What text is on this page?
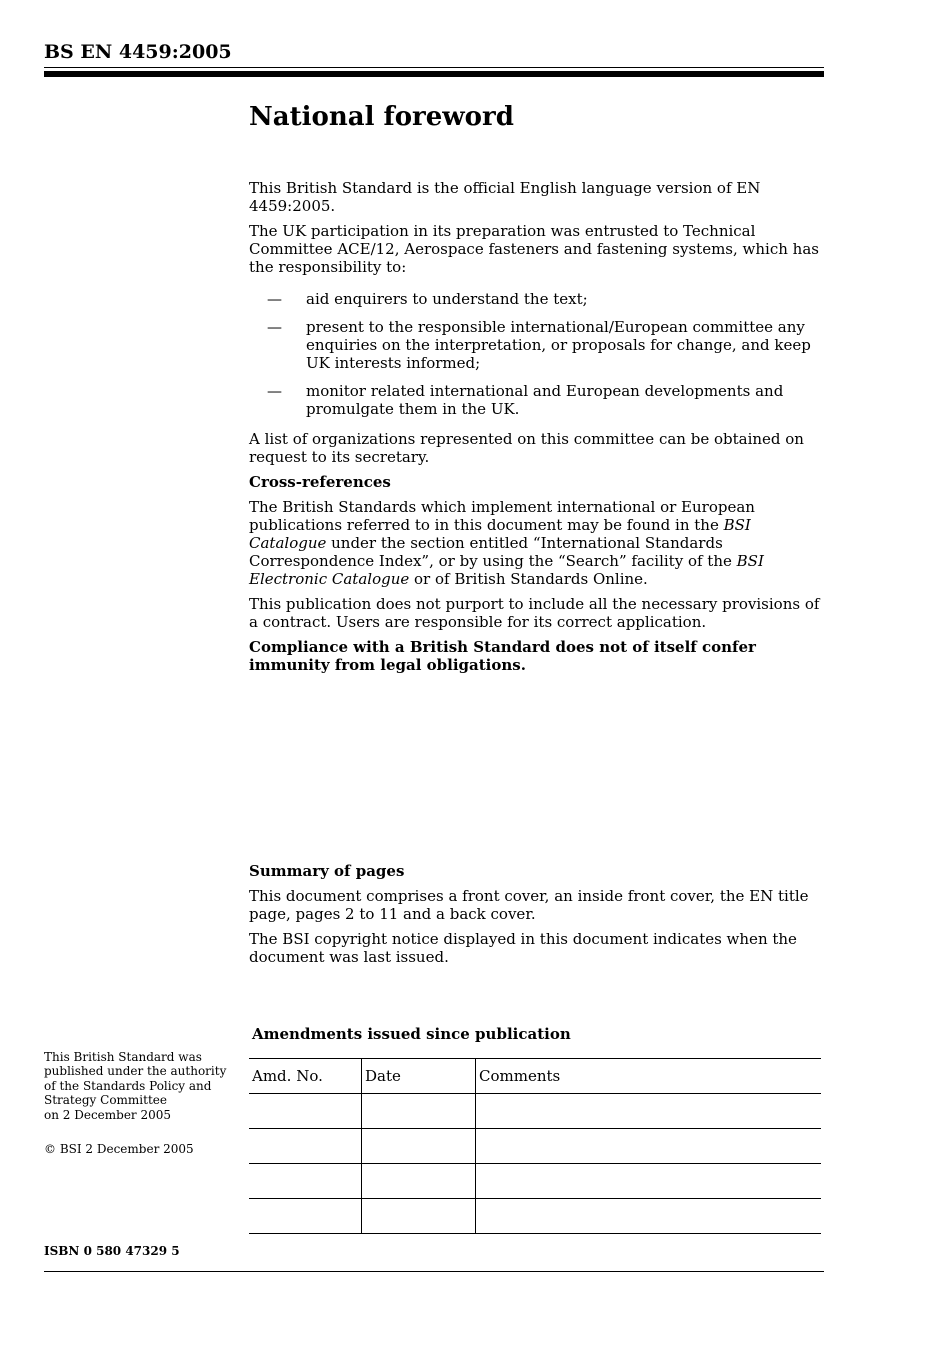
BS EN 4459:2005
National foreword

This British Standard is the official English language version of EN 4459:2005.

The UK participation in its preparation was entrusted to Technical Committee ACE/12, Aerospace fasteners and fastening systems, which has the responsibility to:

— aid enquirers to understand the text;
— present to the responsible international/European committee any enquiries on the interpretation, or proposals for change, and keep UK interests informed;
— monitor related international and European developments and promulgate them in the UK.

A list of organizations represented on this committee can be obtained on request to its secretary.

Cross-references

The British Standards which implement international or European publications referred to in this document may be found in the BSI Catalogue under the section entitled “International Standards Correspondence Index”, or by using the “Search” facility of the BSI Electronic Catalogue or of British Standards Online.

This publication does not purport to include all the necessary provisions of a contract. Users are responsible for its correct application.

Compliance with a British Standard does not of itself confer immunity from legal obligations.

Summary of pages

This document comprises a front cover, an inside front cover, the EN title page, pages 2 to 11 and a back cover.

The BSI copyright notice displayed in this document indicates when the document was last issued.

Amendments issued since publication
Amd. No.	Date	Comments

This British Standard was
published under the authority
of the Standards Policy and
Strategy Committee
on 2 December 2005
© BSI 2 December 2005
ISBN 0 580 47329 5
